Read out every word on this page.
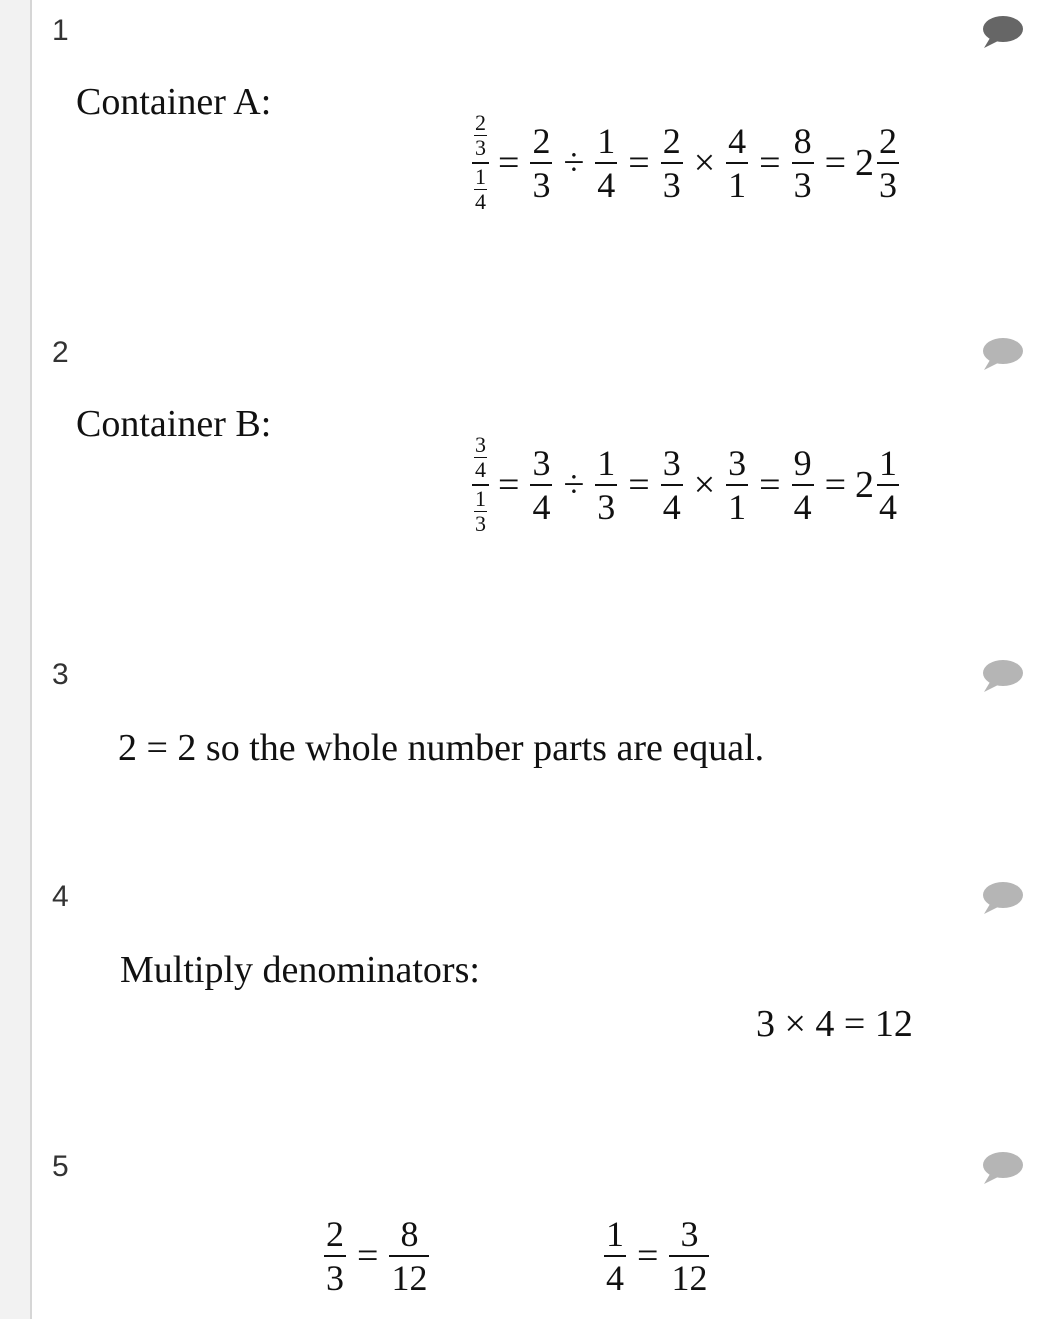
1
Container A:
$\frac{\frac{2}{3}}{\frac{1}{4}} = \frac{2}{3} \div \frac{1}{4} = \frac{2}{3} \times \frac{4}{1} = \frac{8}{3} = 2 \frac{2}{3}$
2
Container B:
$\frac{\frac{3}{4}}{\frac{1}{3}} = \frac{3}{4} \div \frac{1}{3} = \frac{3}{4} \times \frac{3}{1} = \frac{9}{4} = 2 \frac{1}{4}$
3
2 = 2 so the whole number parts are equal.
4
Multiply denominators:
3 × 4 = 12
5
$\frac{2}{3} = \frac{8}{12}$	$\frac{1}{4} = \frac{3}{12}$
